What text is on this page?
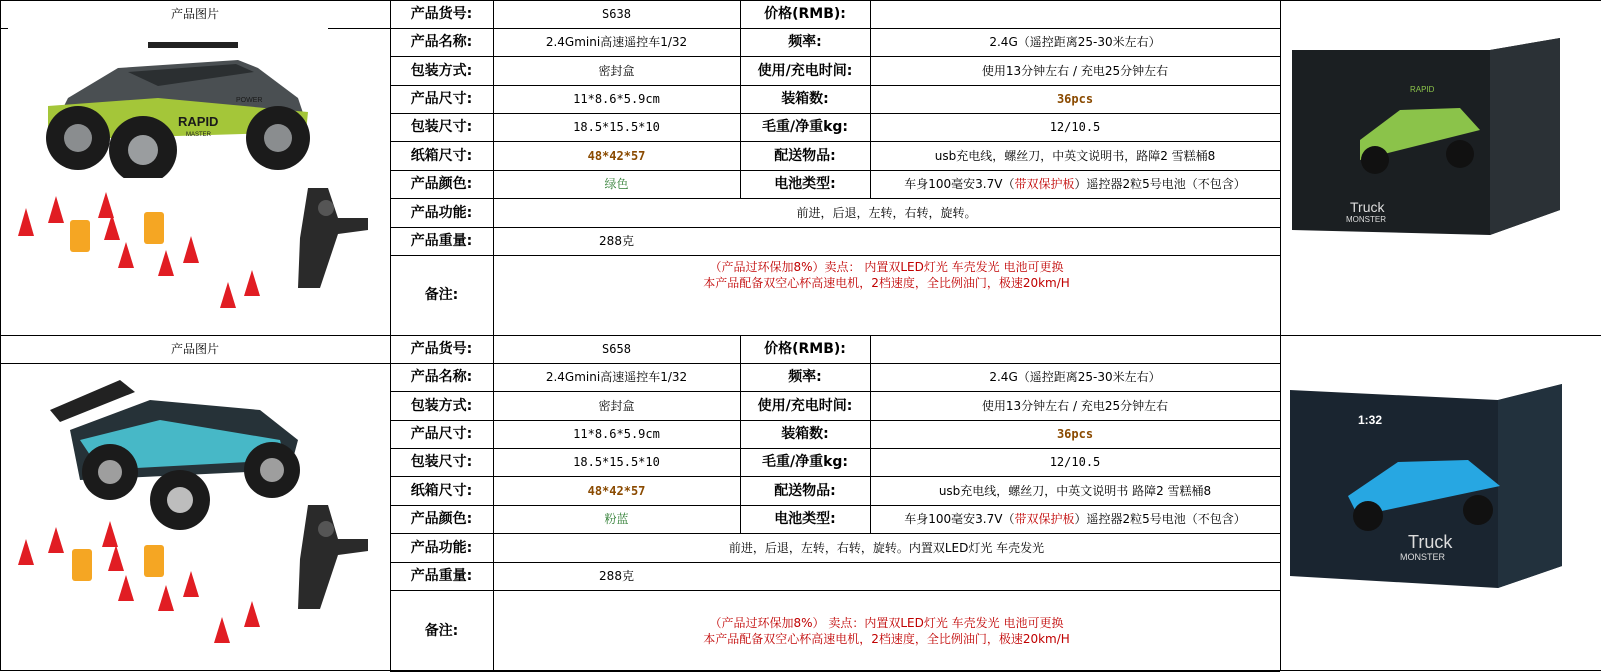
产品图片	产品货号:	S638	价格(RMB):
产品名称:	2.4Gmini高速遥控车1/32	频率:	2.4G（遥控距离25-30米左右）
包装方式:	密封盒	使用/充电时间:	使用13分钟左右 / 充电25分钟左右
产品尺寸:	11*8.6*5.9cm	装箱数:	36pcs
包装尺寸:	18.5*15.5*10	毛重/净重kg:	12/10.5
纸箱尺寸:	48*42*57	配送物品:	usb充电线，螺丝刀，中英文说明书，路障2 雪糕桶8
产品颜色:	绿色	电池类型:	车身100毫安3.7V（带双保护板）遥控器2粒5号电池（不包含）
产品功能:	前进，后退，左转，右转，旋转。
产品重量:	288克
备注:
（产品过环保加8%）卖点： 内置双LED灯光 车壳发光 电池可更换
本产品配备双空心杯高速电机，2档速度，全比例油门，极速20km/H
产品图片	产品货号:	S658	价格(RMB):
产品名称:	2.4Gmini高速遥控车1/32	频率:	2.4G（遥控距离25-30米左右）
包装方式:	密封盒	使用/充电时间:	使用13分钟左右 / 充电25分钟左右
产品尺寸:	11*8.6*5.9cm	装箱数:	36pcs
包装尺寸:	18.5*15.5*10	毛重/净重kg:	12/10.5
纸箱尺寸:	48*42*57	配送物品:	usb充电线，螺丝刀，中英文说明书 路障2 雪糕桶8
产品颜色:	粉蓝	电池类型:	车身100毫安3.7V（带双保护板）遥控器2粒5号电池（不包含）
产品功能:	前进，后退，左转，右转，旋转。内置双LED灯光 车壳发光
产品重量:	288克
备注:	（产品过环保加8%） 卖点：内置双LED灯光 车壳发光 电池可更换
本产品配备双空心杯高速电机，2档速度，全比例油门，极速20km/H
RAPID
MASTER
POWER
RAPID
Truck
MONSTER
1:32
Truck
MONSTER
